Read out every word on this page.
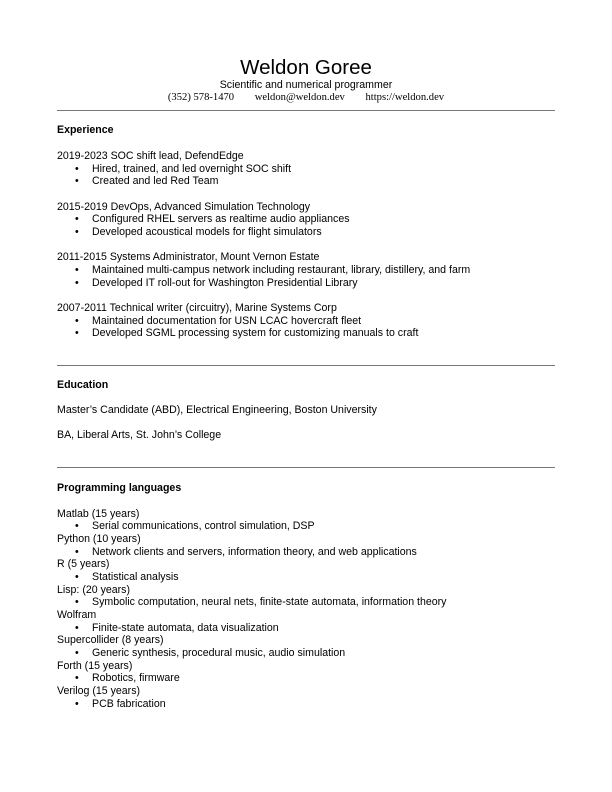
Weldon Goree
Scientific and numerical programmer
(352) 578-1470 weldon@weldon.dev https://weldon.dev
Experience
2019-2023 SOC shift lead, DefendEdge
• Hired, trained, and led overnight SOC shift
• Created and led Red Team
2015-2019 DevOps, Advanced Simulation Technology
• Configured RHEL servers as realtime audio appliances
• Developed acoustical models for flight simulators
2011-2015 Systems Administrator, Mount Vernon Estate
• Maintained multi-campus network including restaurant, library, distillery, and farm
• Developed IT roll-out for Washington Presidential Library
2007-2011 Technical writer (circuitry), Marine Systems Corp
• Maintained documentation for USN LCAC hovercraft fleet
• Developed SGML processing system for customizing manuals to craft
Education
Master’s Candidate (ABD), Electrical Engineering, Boston University
BA, Liberal Arts, St. John’s College
Programming languages
Matlab (15 years)
• Serial communications, control simulation, DSP
Python (10 years)
• Network clients and servers, information theory, and web applications
R (5 years)
• Statistical analysis
Lisp: (20 years)
• Symbolic computation, neural nets, finite-state automata, information theory
Wolfram
• Finite-state automata, data visualization
Supercollider (8 years)
• Generic synthesis, procedural music, audio simulation
Forth (15 years)
• Robotics, firmware
Verilog (15 years)
• PCB fabrication
